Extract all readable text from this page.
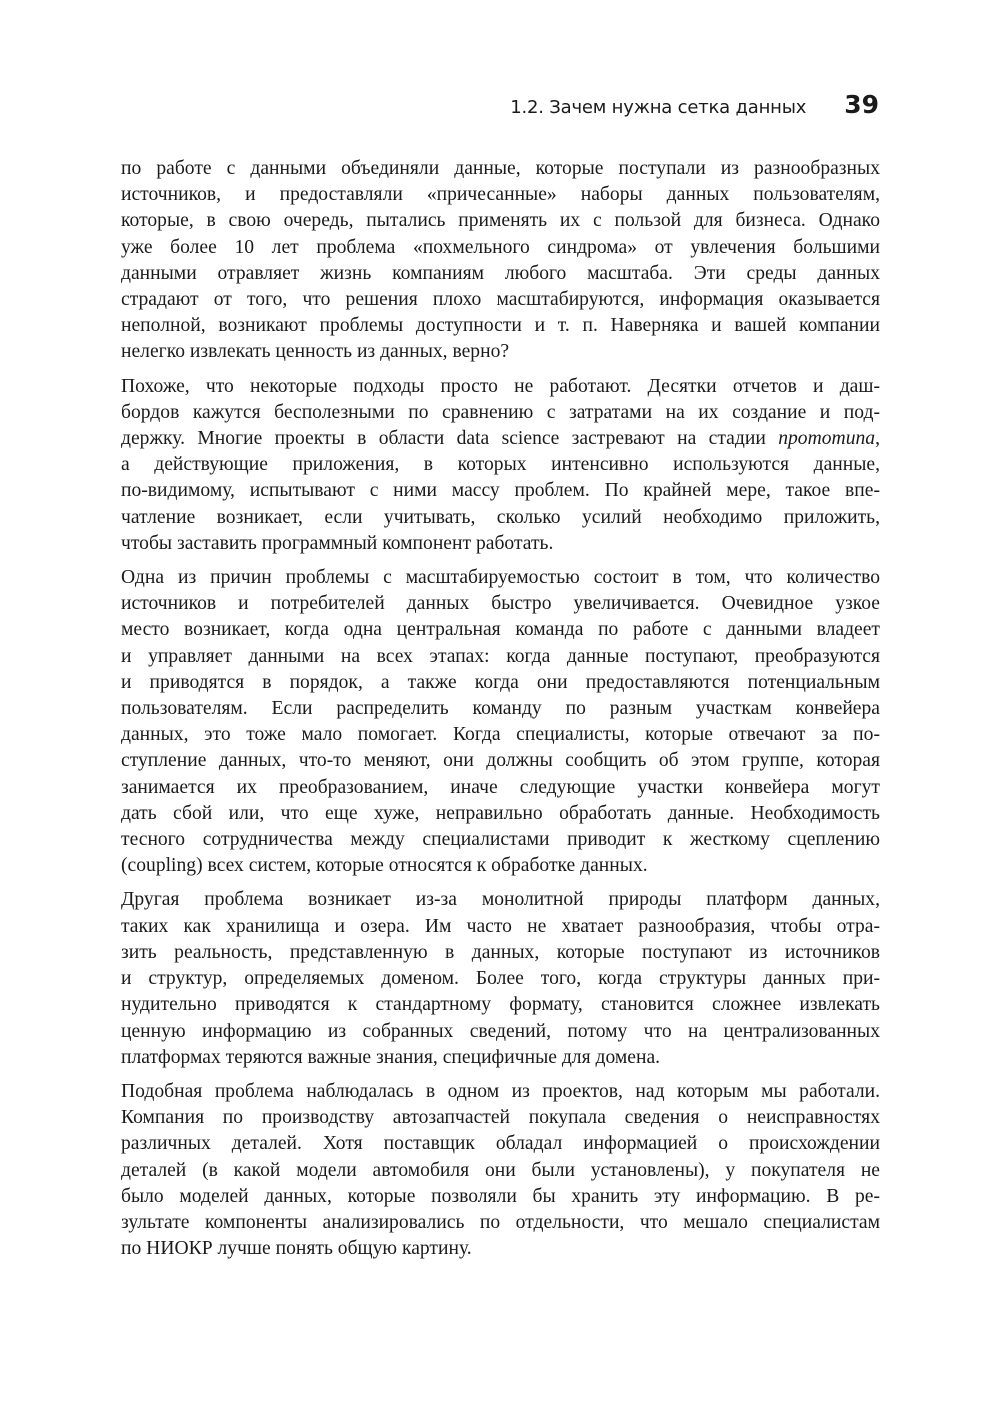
1.2. Зачем нужна сетка данных 39

по работе с данными объединяли данные, которые поступали из разнообразных
источников, и предоставляли «причесанные» наборы данных пользователям,
которые, в свою очередь, пытались применять их с пользой для бизнеса. Однако
уже более 10 лет проблема «похмельного синдрома» от увлечения большими
данными отравляет жизнь компаниям любого масштаба. Эти среды данных
страдают от того, что решения плохо масштабируются, информация оказывается
неполной, возникают проблемы доступности и т. п. Наверняка и вашей компании
нелегко извлекать ценность из данных, верно?

Похоже, что некоторые подходы просто не работают. Десятки отчетов и даш-
бордов кажутся бесполезными по сравнению с затратами на их создание и под-
держку. Многие проекты в области data science застревают на стадии прототипа,
а действующие приложения, в которых интенсивно используются данные,
по-видимому, испытывают с ними массу проблем. По крайней мере, такое впе-
чатление возникает, если учитывать, сколько усилий необходимо приложить,
чтобы заставить программный компонент работать.

Одна из причин проблемы с масштабируемостью состоит в том, что количество
источников и потребителей данных быстро увеличивается. Очевидное узкое
место возникает, когда одна центральная команда по работе с данными владеет
и управляет данными на всех этапах: когда данные поступают, преобразуются
и приводятся в порядок, а также когда они предоставляются потенциальным
пользователям. Если распределить команду по разным участкам конвейера
данных, это тоже мало помогает. Когда специалисты, которые отвечают за по-
ступление данных, что-то меняют, они должны сообщить об этом группе, которая
занимается их преобразованием, иначе следующие участки конвейера могут
дать сбой или, что еще хуже, неправильно обработать данные. Необходимость
тесного сотрудничества между специалистами приводит к жесткому сцеплению
(coupling) всех систем, которые относятся к обработке данных.

Другая проблема возникает из-за монолитной природы платформ данных,
таких как хранилища и озера. Им часто не хватает разнообразия, чтобы отра-
зить реальность, представленную в данных, которые поступают из источников
и структур, определяемых доменом. Более того, когда структуры данных при-
нудительно приводятся к стандартному формату, становится сложнее извлекать
ценную информацию из собранных сведений, потому что на централизованных
платформах теряются важные знания, специфичные для домена.

Подобная проблема наблюдалась в одном из проектов, над которым мы работали.
Компания по производству автозапчастей покупала сведения о неисправностях
различных деталей. Хотя поставщик обладал информацией о происхождении
деталей (в какой модели автомобиля они были установлены), у покупателя не
было моделей данных, которые позволяли бы хранить эту информацию. В ре-
зультате компоненты анализировались по отдельности, что мешало специалистам
по НИОКР лучше понять общую картину.
